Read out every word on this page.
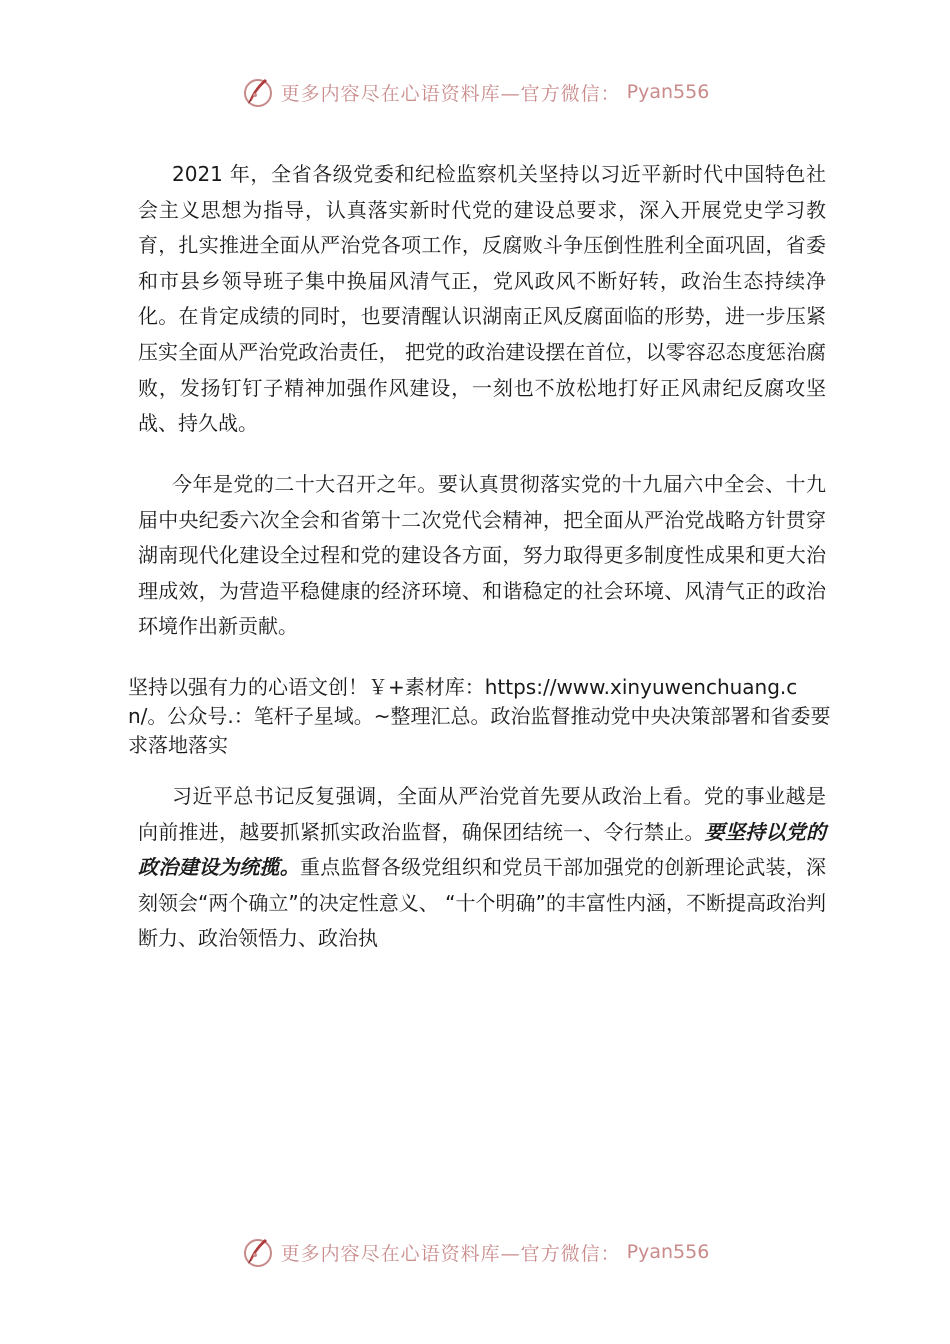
更多内容尽在心语资料库—官方微信： Pyan556

2021 年，全省各级党委和纪检监察机关坚持以习近平新时代中国特色社会主义思想为指导，认真落实新时代党的建设总要求，深入开展党史学习教育，扎实推进全面从严治党各项工作，反腐败斗争压倒性胜利全面巩固，省委和市县乡领导班子集中换届风清气正，党风政风不断好转，政治生态持续净化。在肯定成绩的同时，也要清醒认识湖南正风反腐面临的形势，进一步压紧压实全面从严治党政治责任， 把党的政治建设摆在首位，以零容忍态度惩治腐败，发扬钉钉子精神加强作风建设，一刻也不放松地打好正风肃纪反腐攻坚战、持久战。

今年是党的二十大召开之年。要认真贯彻落实党的十九届六中全会、十九届中央纪委六次全会和省第十二次党代会精神，把全面从严治党战略方针贯穿湖南现代化建设全过程和党的建设各方面，努力取得更多制度性成果和更大治理成效，为营造平稳健康的经济环境、和谐稳定的社会环境、风清气正的政治环境作出新贡献。

坚持以强有力的心语文创！￥+素材库：https://www.xinyuwenchuang.cn/。公众号.：笔杆子星域。~整理汇总。政治监督推动党中央决策部署和省委要求落地落实

习近平总书记反复强调，全面从严治党首先要从政治上看。党的事业越是向前推进，越要抓紧抓实政治监督，确保团结统一、令行禁止。要坚持以党的政治建设为统揽。重点监督各级党组织和党员干部加强党的创新理论武装，深刻领会“两个确立”的决定性意义、 “十个明确”的丰富性内涵，不断提高政治判断力、政治领悟力、政治执

更多内容尽在心语资料库—官方微信： Pyan556
